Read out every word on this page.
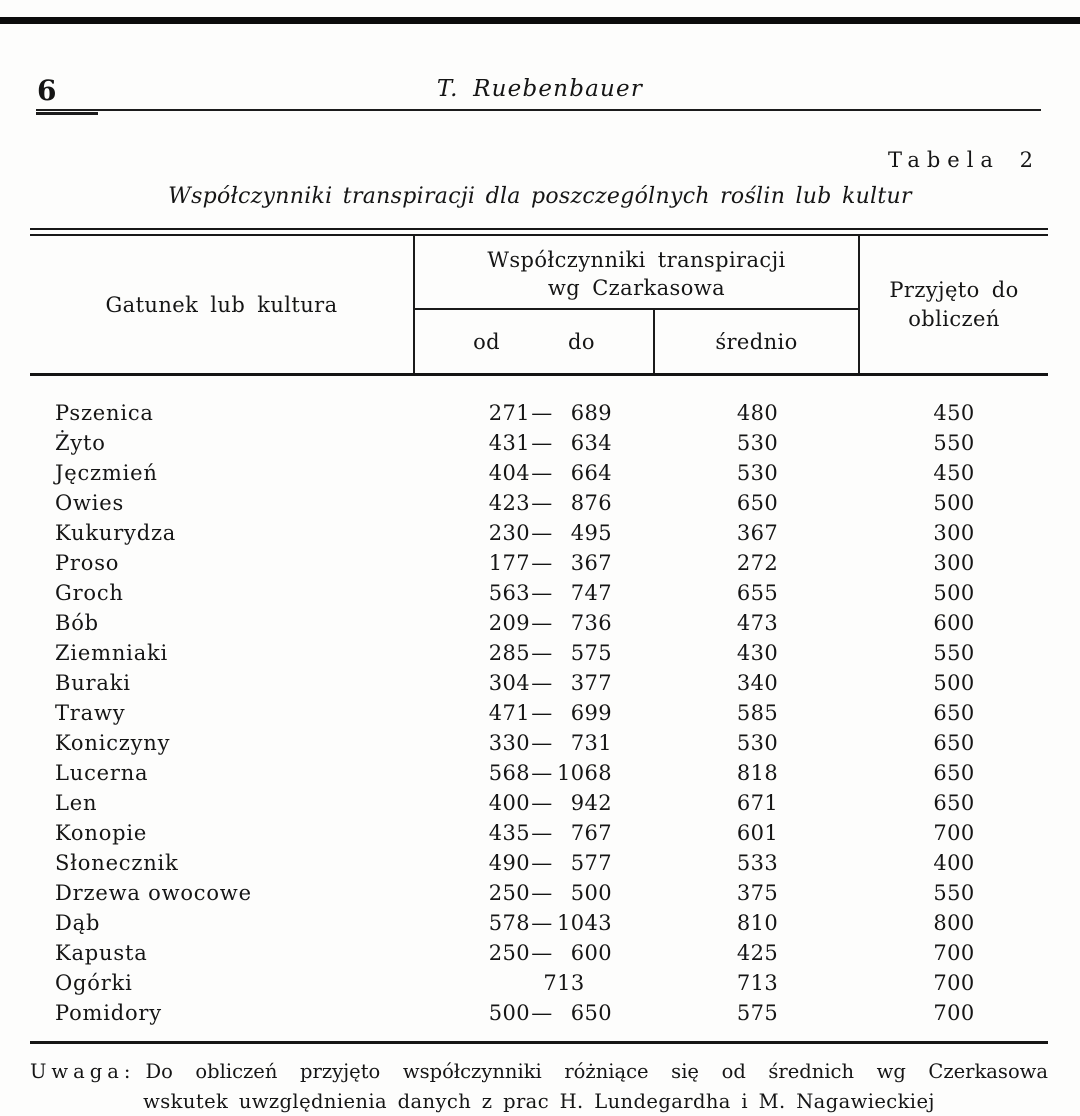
6	T. Ruebenbauer
Tabela 2
Współczynniki transpiracji dla poszczególnych roślin lub kultur
Gatunek lub kultura
Współczynniki transpiracji
wg Czarkasowa
od	do	średnio
Przyjęto do
obliczeń
Pszenica	271 — 689	480	450
Żyto	431 — 634	530	550
Jęczmień	404 — 664	530	450
Owies	423 — 876	650	500
Kukurydza	230 — 495	367	300
Proso	177 — 367	272	300
Groch	563 — 747	655	500
Bób	209 — 736	473	600
Ziemniaki	285 — 575	430	550
Buraki	304 — 377	340	500
Trawy	471 — 699	585	650
Koniczyny	330 — 731	530	650
Lucerna	568 — 1068	818	650
Len	400 — 942	671	650
Konopie	435 — 767	601	700
Słonecznik	490 — 577	533	400
Drzewa owocowe	250 — 500	375	550
Dąb	578 — 1043	810	800
Kapusta	250 — 600	425	700
Ogórki	713	713	700
Pomidory	500 — 650	575	700
Uwaga: Do obliczeń przyjęto współczynniki różniące się od średnich wg Czerkasowa
wskutek uwzględnienia danych z prac H. Lundegardha i M. Nagawieckiej
